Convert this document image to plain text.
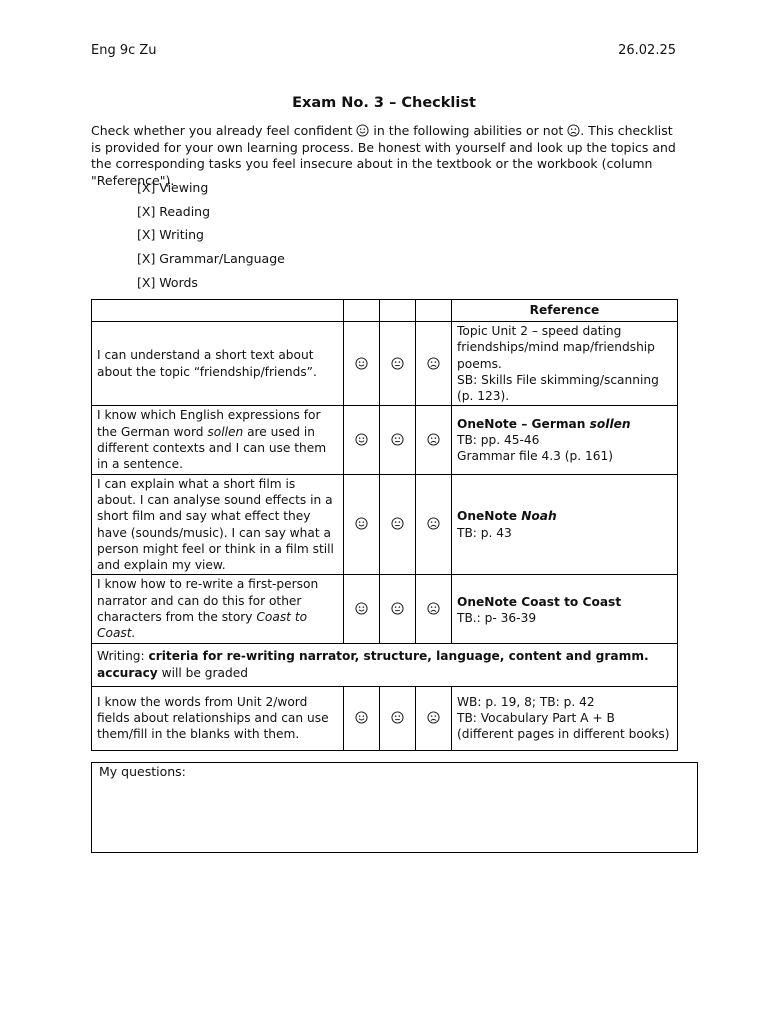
Eng 9c Zu	26.02.25
Exam No. 3 – Checklist
Check whether you already feel confident  in the following abilities or not . This checklist is provided for your own learning process. Be honest with yourself and look up the topics and the corresponding tasks you feel insecure about in the textbook or the workbook (column "Reference").
[X] Viewing
[X] Reading
[X] Writing
[X] Grammar/Language
[X] Words
				Reference
I can understand a short text about about the topic “friendship/friends”.				Topic Unit 2 – speed dating friendships/mind map/friendship poems.
SB: Skills File skimming/scanning (p. 123).

I know which English expressions for the German word sollen are used in different contexts and I can use them in a sentence.				OneNote – German sollen
TB: pp. 45-46
Grammar file 4.3 (p. 161)

I can explain what a short film is about. I can analyse sound effects in a short film and say what effect they have (sounds/music). I can say what a person might feel or think in a film still and explain my view.				OneNote Noah
TB: p. 43

I know how to re-write a first-person narrator and can do this for other characters from the story Coast to Coast.				OneNote Coast to Coast
TB.: p- 36-39

Writing: criteria for re-writing narrator, structure, language, content and gramm. accuracy will be graded				
I know the words from Unit 2/word fields about relationships and can use them/fill in the blanks with them.				WB: p. 19, 8; TB: p. 42
TB: Vocabulary Part A + B (different pages in different books)
My questions:
